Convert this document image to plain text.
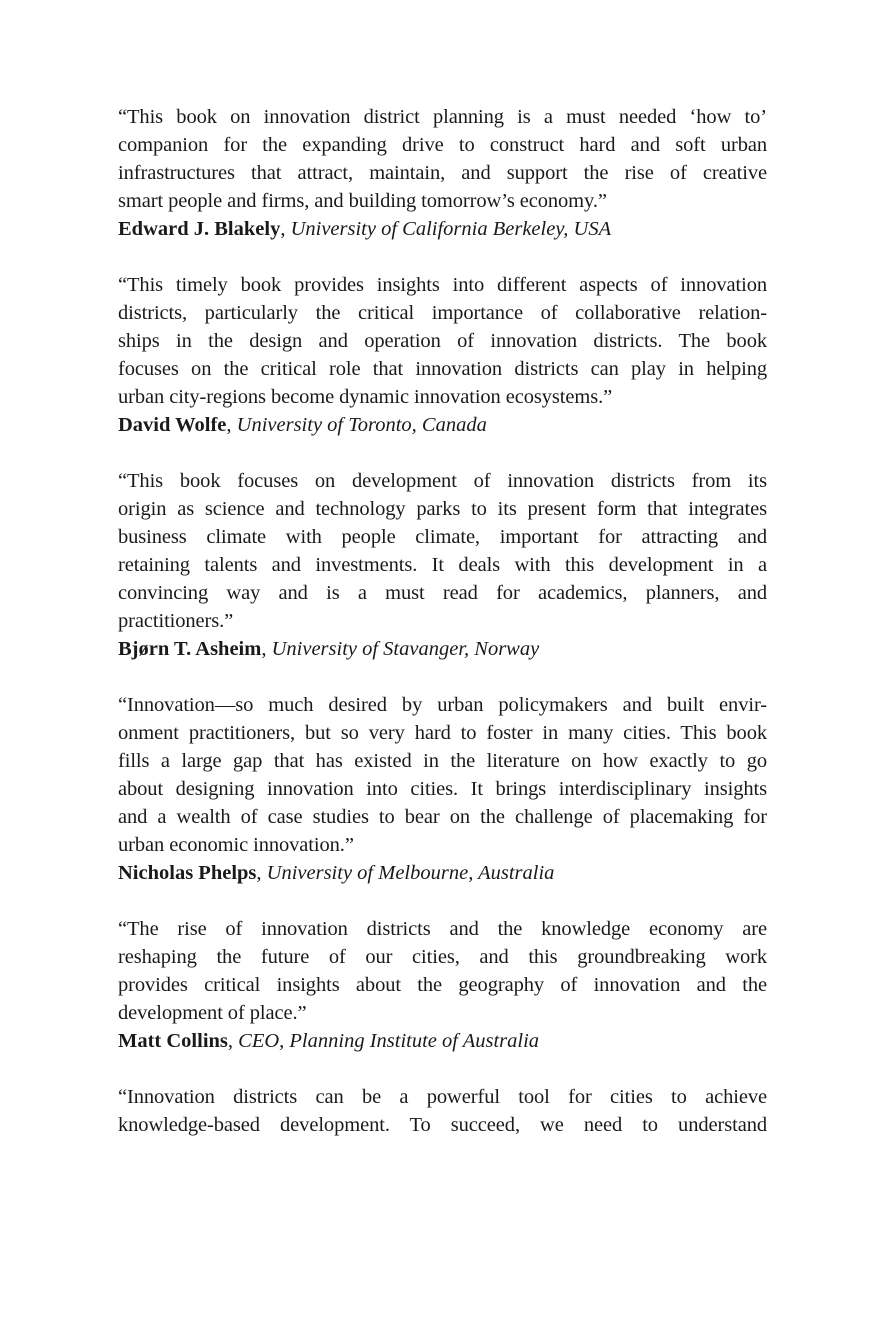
“This book on innovation district planning is a must needed ‘how to’
companion for the expanding drive to construct hard and soft urban
infrastructures that attract, maintain, and support the rise of creative
smart people and firms, and building tomorrow’s economy.”
Edward J. Blakely, University of California Berkeley, USA
“This timely book provides insights into different aspects of innovation
districts, particularly the critical importance of collaborative relation-
ships in the design and operation of innovation districts. The book
focuses on the critical role that innovation districts can play in helping
urban city-regions become dynamic innovation ecosystems.”
David Wolfe, University of Toronto, Canada
“This book focuses on development of innovation districts from its
origin as science and technology parks to its present form that integrates
business climate with people climate, important for attracting and
retaining talents and investments. It deals with this development in a
convincing way and is a must read for academics, planners, and
practitioners.”
Bjørn T. Asheim, University of Stavanger, Norway
“Innovation—so much desired by urban policymakers and built envir-
onment practitioners, but so very hard to foster in many cities. This book
fills a large gap that has existed in the literature on how exactly to go
about designing innovation into cities. It brings interdisciplinary insights
and a wealth of case studies to bear on the challenge of placemaking for
urban economic innovation.”
Nicholas Phelps, University of Melbourne, Australia
“The rise of innovation districts and the knowledge economy are
reshaping the future of our cities, and this groundbreaking work
provides critical insights about the geography of innovation and the
development of place.”
Matt Collins, CEO, Planning Institute of Australia
“Innovation districts can be a powerful tool for cities to achieve
knowledge-based development. To succeed, we need to understand
